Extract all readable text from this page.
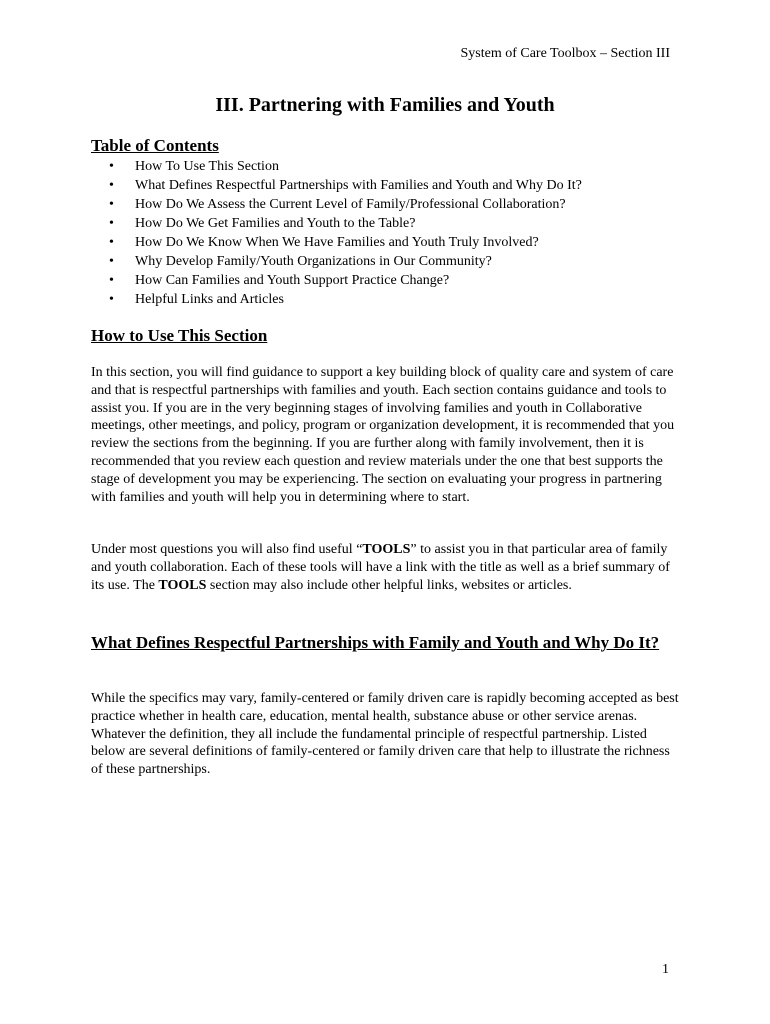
System of Care Toolbox – Section III
III. Partnering with Families and Youth
Table of Contents
• How To Use This Section
• What Defines Respectful Partnerships with Families and Youth and Why Do It?
• How Do We Assess the Current Level of Family/Professional Collaboration?
• How Do We Get Families and Youth to the Table?
• How Do We Know When We Have Families and Youth Truly Involved?
• Why Develop Family/Youth Organizations in Our Community?
• How Can Families and Youth Support Practice Change?
• Helpful Links and Articles
How to Use This Section

In this section, you will find guidance to support a key building block of quality care and system of care and that is respectful partnerships with families and youth. Each section contains guidance and tools to assist you. If you are in the very beginning stages of involving families and youth in Collaborative meetings, other meetings, and policy, program or organization development, it is recommended that you review the sections from the beginning. If you are further along with family involvement, then it is recommended that you review each question and review materials under the one that best supports the stage of development you may be experiencing. The section on evaluating your progress in partnering with families and youth will help you in determining where to start.

Under most questions you will also find useful “TOOLS” to assist you in that particular area of family and youth collaboration. Each of these tools will have a link with the title as well as a brief summary of its use. The TOOLS section may also include other helpful links, websites or articles.

What Defines Respectful Partnerships with Family and Youth and Why Do It?

While the specifics may vary, family-centered or family driven care is rapidly becoming accepted as best practice whether in health care, education, mental health, substance abuse or other service arenas. Whatever the definition, they all include the fundamental principle of respectful partnership. Listed below are several definitions of family-centered or family driven care that help to illustrate the richness of these partnerships.

1
